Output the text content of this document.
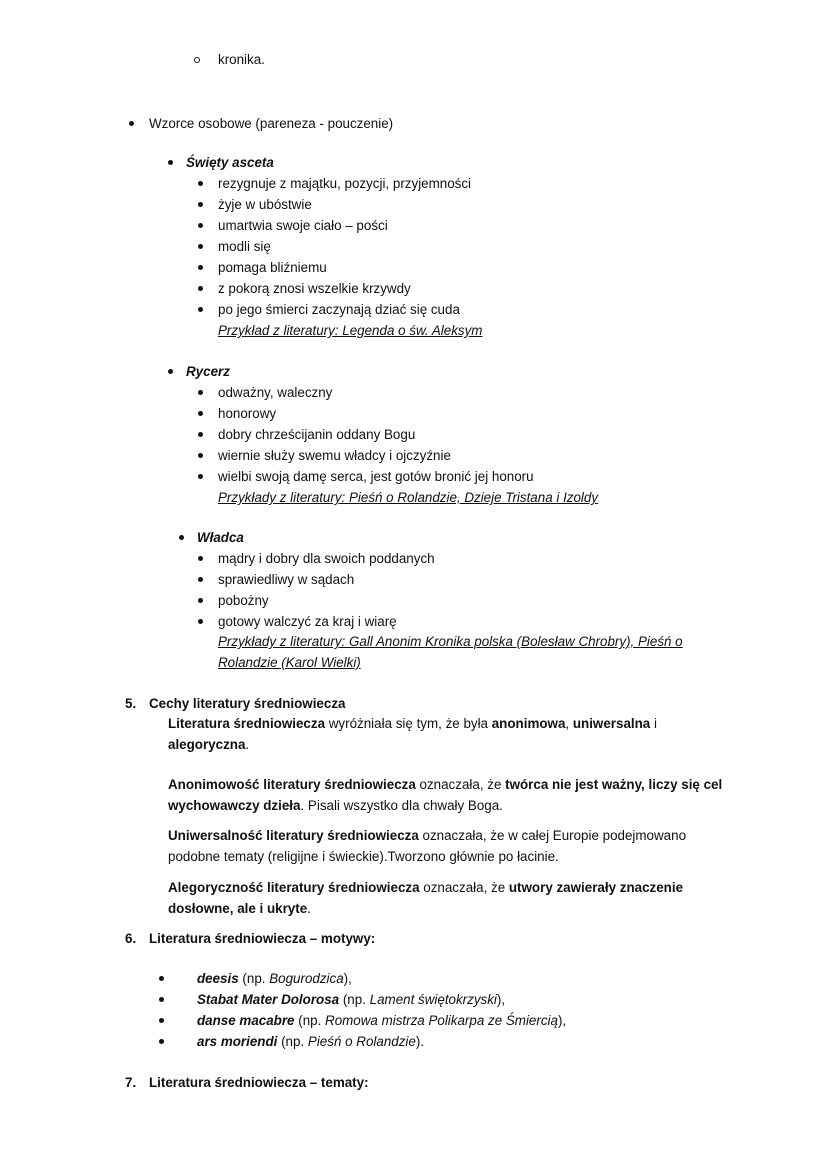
kronika.
Wzorce osobowe (pareneza - pouczenie)
Święty asceta
rezygnuje z majątku, pozycji, przyjemności
żyje w ubóstwie
umartwia swoje ciało – pości
modli się
pomaga bliźniemu
z pokorą znosi wszelkie krzywdy
po jego śmierci zaczynają dziać się cuda
Przykład z literatury: Legenda o św. Aleksym
Rycerz
odważny, waleczny
honorowy
dobry chrześcijanin oddany Bogu
wiernie służy swemu władcy i ojczyźnie
wielbi swoją damę serca, jest gotów bronić jej honoru
Przykłady z literatury: Pieśń o Rolandzie, Dzieje Tristana i Izoldy
Władca
mądry i dobry dla swoich poddanych
sprawiedliwy w sądach
pobożny
gotowy walczyć za kraj i wiarę
Przykłady z literatury: Gall Anonim Kronika polska (Bolesław Chrobry), Pieśń o
Rolandzie (Karol Wielki)
5. Cechy literatury średniowiecza
Literatura średniowiecza wyróżniała się tym, że była anonimowa, uniwersalna i
alegoryczna.
Anonimowość literatury średniowiecza oznaczała, że twórca nie jest ważny, liczy się cel
wychowawczy dzieła. Pisali wszystko dla chwały Boga.
Uniwersalność literatury średniowiecza oznaczała, że w całej Europie podejmowano
podobne tematy (religijne i świeckie).Tworzono głównie po łacinie.
Alegoryczność literatury średniowiecza oznaczała, że utwory zawierały znaczenie
dosłowne, ale i ukryte.
6. Literatura średniowiecza – motywy:
deesis (np. Bogurodzica),
Stabat Mater Dolorosa (np. Lament świętokrzyski),
danse macabre (np. Romowa mistrza Polikarpa ze Śmiercią),
ars moriendi (np. Pieśń o Rolandzie).
7. Literatura średniowiecza – tematy:
